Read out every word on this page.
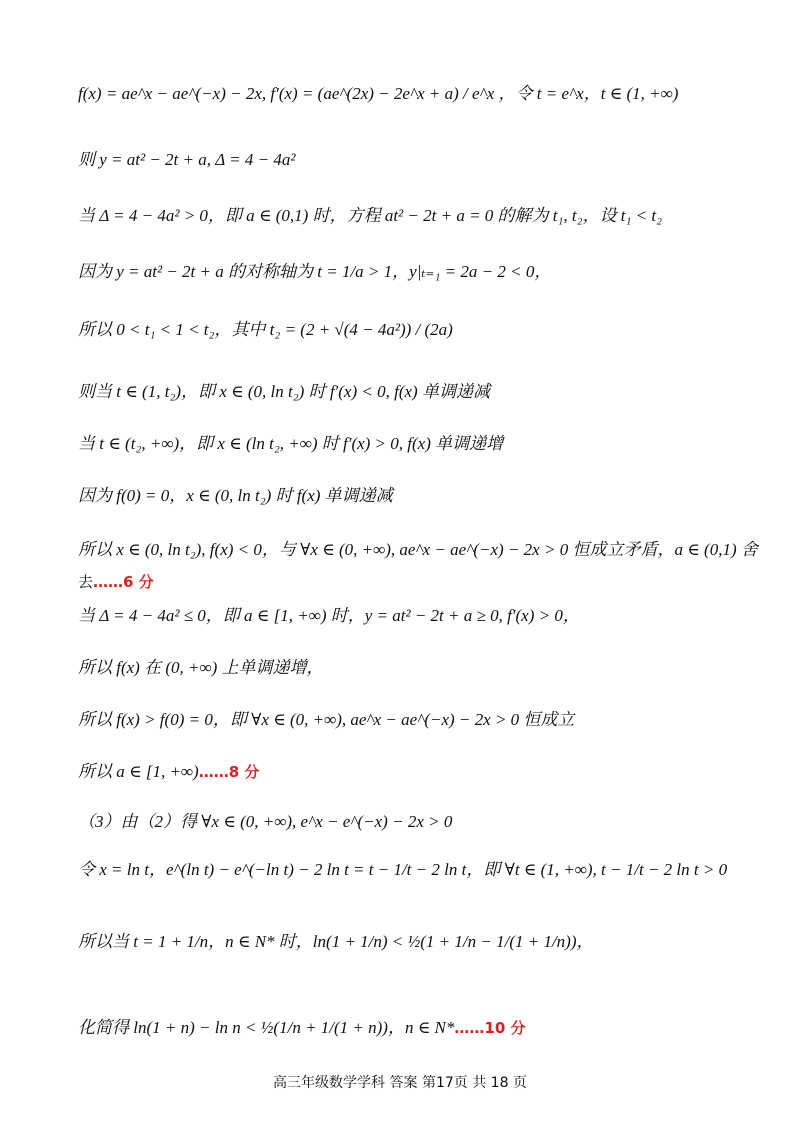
f(x) = ae^x − ae^(−x) − 2x, f′(x) = (ae^(2x) − 2e^x + a) / e^x ，令 t = e^x，t ∈ (1, +∞)
则 y = at² − 2t + a, Δ = 4 − 4a²
当 Δ = 4 − 4a² > 0，即 a ∈ (0,1) 时，方程 at² − 2t + a = 0 的解为 t₁, t₂，设 t₁ < t₂
因为 y = at² − 2t + a 的对称轴为 t = 1/a > 1，y|ₜ₌₁ = 2a − 2 < 0，
所以 0 < t₁ < 1 < t₂，其中 t₂ = (2 + √(4 − 4a²)) / (2a)
则当 t ∈ (1, t₂)，即 x ∈ (0, ln t₂) 时 f′(x) < 0, f(x) 单调递减
当 t ∈ (t₂, +∞)，即 x ∈ (ln t₂, +∞) 时 f′(x) > 0, f(x) 单调递增
因为 f(0) = 0，x ∈ (0, ln t₂) 时 f(x) 单调递减
所以 x ∈ (0, ln t₂), f(x) < 0，与 ∀x ∈ (0, +∞), ae^x − ae^(−x) − 2x > 0 恒成立矛盾，a ∈ (0,1) 舍
去……6 分
当 Δ = 4 − 4a² ≤ 0，即 a ∈ [1, +∞) 时，y = at² − 2t + a ≥ 0, f′(x) > 0，
所以 f(x) 在 (0, +∞) 上单调递增，
所以 f(x) > f(0) = 0，即 ∀x ∈ (0, +∞), ae^x − ae^(−x) − 2x > 0 恒成立
所以 a ∈ [1, +∞)……8 分
（3）由（2）得 ∀x ∈ (0, +∞), e^x − e^(−x) − 2x > 0
令 x = ln t，e^(ln t) − e^(−ln t) − 2 ln t = t − 1/t − 2 ln t，即 ∀t ∈ (1, +∞), t − 1/t − 2 ln t > 0
所以当 t = 1 + 1/n，n ∈ N* 时，ln(1 + 1/n) < ½(1 + 1/n − 1/(1 + 1/n))，
化简得 ln(1 + n) − ln n < ½(1/n + 1/(1 + n))，n ∈ N*……10 分
高三年级数学学科 答案 第17页 共 18 页
